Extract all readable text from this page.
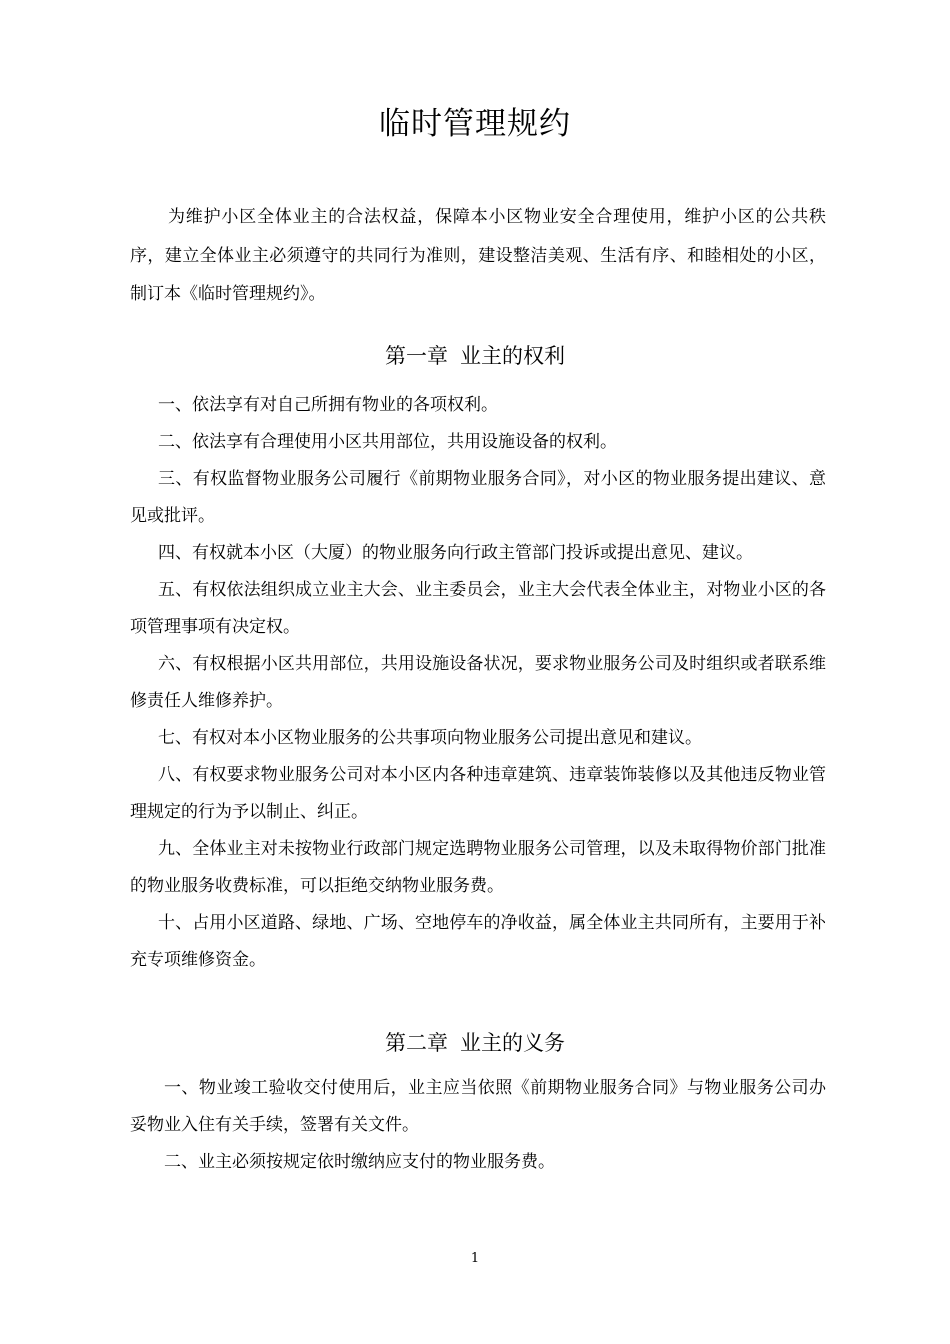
临时管理规约

为维护小区全体业主的合法权益，保障本小区物业安全合理使用，维护小区的公共秩序，建立全体业主必须遵守的共同行为准则，建设整洁美观、生活有序、和睦相处的小区，制订本《临时管理规约》。

第一章 业主的权利

一、依法享有对自己所拥有物业的各项权利。

二、依法享有合理使用小区共用部位，共用设施设备的权利。

三、有权监督物业服务公司履行《前期物业服务合同》，对小区的物业服务提出建议、意见或批评。

四、有权就本小区（大厦）的物业服务向行政主管部门投诉或提出意见、建议。

五、有权依法组织成立业主大会、业主委员会，业主大会代表全体业主，对物业小区的各项管理事项有决定权。

六、有权根据小区共用部位，共用设施设备状况，要求物业服务公司及时组织或者联系维修责任人维修养护。

七、有权对本小区物业服务的公共事项向物业服务公司提出意见和建议。

八、有权要求物业服务公司对本小区内各种违章建筑、违章装饰装修以及其他违反物业管理规定的行为予以制止、纠正。

九、全体业主对未按物业行政部门规定选聘物业服务公司管理，以及未取得物价部门批准的物业服务收费标准，可以拒绝交纳物业服务费。

十、占用小区道路、绿地、广场、空地停车的净收益，属全体业主共同所有，主要用于补充专项维修资金。

第二章 业主的义务

一、物业竣工验收交付使用后，业主应当依照《前期物业服务合同》与物业服务公司办妥物业入住有关手续，签署有关文件。

二、业主必须按规定依时缴纳应支付的物业服务费。

1
